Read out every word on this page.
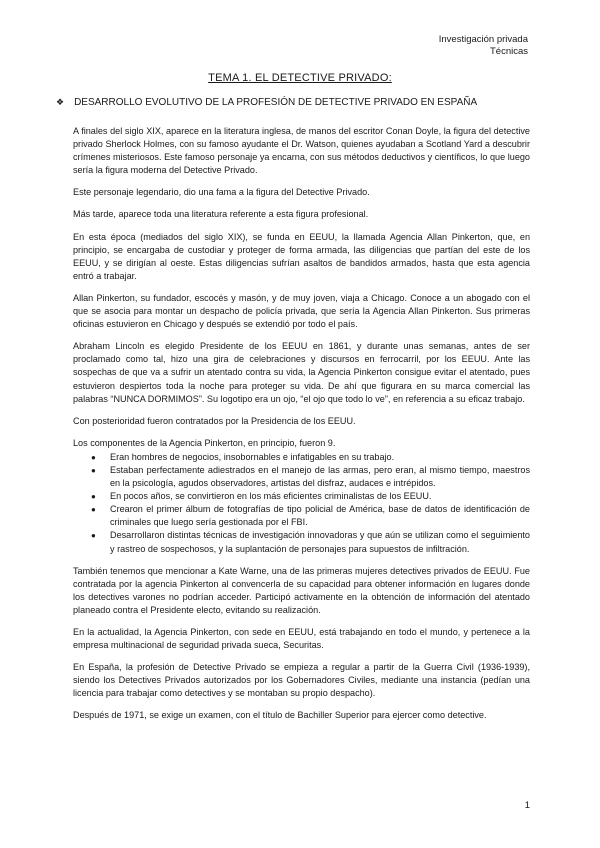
Investigación privada
Técnicas
TEMA 1. EL DETECTIVE PRIVADO:
❖ DESARROLLO EVOLUTIVO DE LA PROFESIÓN DE DETECTIVE PRIVADO EN ESPAÑA

A finales del siglo XIX, aparece en la literatura inglesa, de manos del escritor Conan Doyle, la figura del detective privado Sherlock Holmes, con su famoso ayudante el Dr. Watson, quienes ayudaban a Scotland Yard a descubrir crímenes misteriosos. Este famoso personaje ya encarna, con sus métodos deductivos y científicos, lo que luego sería la figura moderna del Detective Privado.

Este personaje legendario, dio una fama a la figura del Detective Privado.

Más tarde, aparece toda una literatura referente a esta figura profesional.

En esta época (mediados del siglo XIX), se funda en EEUU, la llamada Agencia Allan Pinkerton, que, en principio, se encargaba de custodiar y proteger de forma armada, las diligencias que partían del este de los EEUU, y se dirigían al oeste. Estas diligencias sufrían asaltos de bandidos armados, hasta que esta agencia entró a trabajar.

Allan Pinkerton, su fundador, escocés y masón, y de muy joven, viaja a Chicago. Conoce a un abogado con el que se asocia para montar un despacho de policía privada, que sería la Agencia Allan Pinkerton. Sus primeras oficinas estuvieron en Chicago y después se extendió por todo el país.

Abraham Lincoln es elegido Presidente de los EEUU en 1861, y durante unas semanas, antes de ser proclamado como tal, hizo una gira de celebraciones y discursos en ferrocarril, por los EEUU. Ante las sospechas de que va a sufrir un atentado contra su vida, la Agencia Pinkerton consigue evitar el atentado, pues estuvieron despiertos toda la noche para proteger su vida. De ahí que figurara en su marca comercial las palabras “NUNCA DORMIMOS”. Su logotipo era un ojo, “el ojo que todo lo ve”, en referencia a su eficaz trabajo.

Con posterioridad fueron contratados por la Presidencia de los EEUU.

Los componentes de la Agencia Pinkerton, en principio, fueron 9.

● Eran hombres de negocios, insobornables e infatigables en su trabajo.
● Estaban perfectamente adiestrados en el manejo de las armas, pero eran, al mismo tiempo, maestros en la psicología, agudos observadores, artistas del disfraz, audaces e intrépidos.
● En pocos años, se convirtieron en los más eficientes criminalistas de los EEUU.
● Crearon el primer álbum de fotografías de tipo policial de América, base de datos de identificación de criminales que luego sería gestionada por el FBI.
● Desarrollaron distintas técnicas de investigación innovadoras y que aún se utilizan como el seguimiento y rastreo de sospechosos, y la suplantación de personajes para supuestos de infiltración.

También tenemos que mencionar a Kate Warne, una de las primeras mujeres detectives privados de EEUU. Fue contratada por la agencia Pinkerton al convencerla de su capacidad para obtener información en lugares donde los detectives varones no podrían acceder. Participó activamente en la obtención de información del atentado planeado contra el Presidente electo, evitando su realización.

En la actualidad, la Agencia Pinkerton, con sede en EEUU, está trabajando en todo el mundo, y pertenece a la empresa multinacional de seguridad privada sueca, Securitas.

En España, la profesión de Detective Privado se empieza a regular a partir de la Guerra Civil (1936-1939), siendo los Detectives Privados autorizados por los Gobernadores Civiles, mediante una instancia (pedían una licencia para trabajar como detectives y se montaban su propio despacho).

Después de 1971, se exige un examen, con el título de Bachiller Superior para ejercer como detective.

1
